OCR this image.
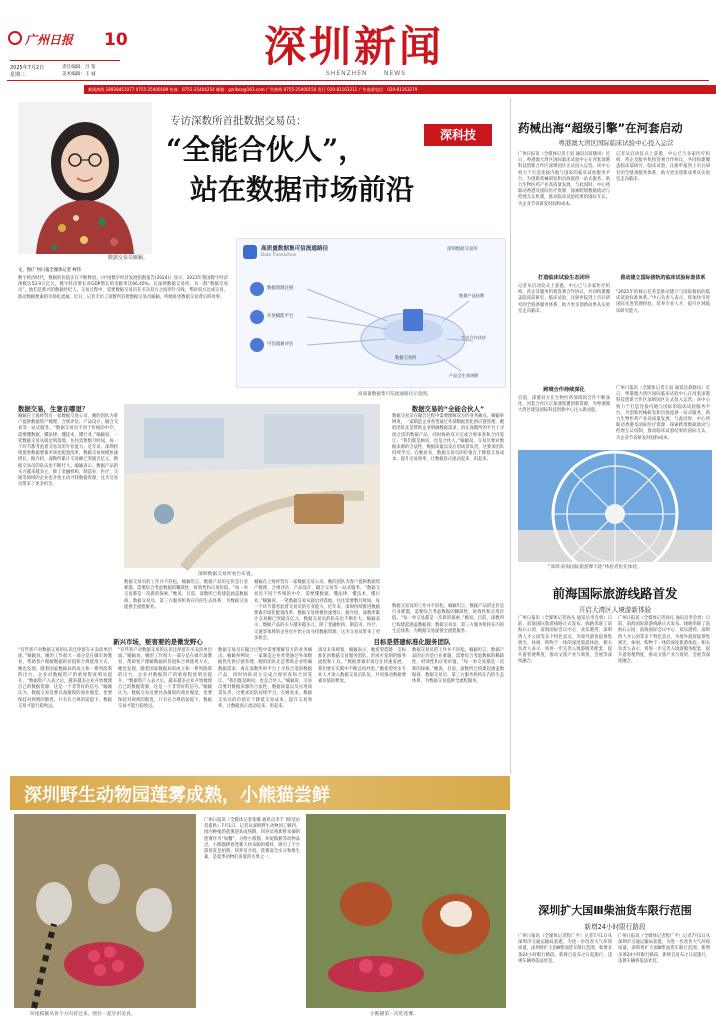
广州日报 10
2025年7月2日
星期三
责任编辑：吕 鉴
美术编辑：王 诚
深圳新闻
SHENZHEN	NEWS
新闻热线 18928451077 0755-25400189 传真：0755-25404254 邮箱：gzribsz@163.com 广告热线 0755-25400150 发行 020-81163211 广告监督电话：020-81163279
数据交易员喻颖。
专访深数所首批数据交易员：
“全能合伙人”，
站在数据市场前沿
深科技
文、图/广州日报全媒体记者 柯伟
数字经济时代，数据的价值正在不断释放。《中国数字经济发展指数报告(2024)》显示，2023年我国数字经济规模达53.9万亿元，数字经济增长对GDP增长的贡献率达66.45%。在深圳数据交易所，有一群“数据交易员”，他们是新兴的数据经纪人。交易过程中，需要数据交易员在买卖双方之间穿针引线，帮助双方达成交易，推动数据要素的市场化流通。近日，记者专访了深数所首批数据交易员喻颖，听她讲述数据交易背后的故事。
高质量数据集可信流通路径
Data Transaction
深圳数据交易所
数据交易所
数据资源注册
开放赋能平台
可信流通评估
数据产品挂牌
生态合作伙伴
产品全生命周期
高质量数据集可信流通路径示意图。
数据交易，生意在哪里？
喻颖在上海经营有一家数据交易公司，她的团队为客户提供数据资产梳理、合规评估、产品设计、撮合交易等一站式服务。“数据交易员不同于传统的中介，需要懂数据、懂法律、懂技术、懂行业。”喻颖说，一笔数据交易从接洽到落地，往往需要数月时间，每一个环节都考验着交易员的专业能力。近年来，深圳持续推进数据要素市场化配置改革，数据交易规模快速增长。据介绍，深数所累计交易额已突破百亿元，数据交易员的队伍也不断壮大。喻颖表示，数据产品的买方越来越多元，除了金融机构，制造业、医疗、交通等领域的企业也开始主动寻找数据资源，这为交易员带来了更多机会。
深圳数据交易所看台布置。
数据交易员的工作并不轻松。喻颖坦言，数据产品的定价是行业难题，需要综合考虑数据的稀缺性、时效性和应用价值。“每一单交易都是一次新的探索。”她说。目前，深数所已构建起涵盖数据商、数据交易员、第三方服务机构在内的生态体系，为数据交易提供全流程服务。
喻颖在上海经营有一家数据交易公司，她的团队为客户提供数据资产梳理、合规评估、产品设计、撮合交易等一站式服务。“数据交易员不同于传统的中介，需要懂数据、懂法律、懂技术、懂行业。”喻颖说，一笔数据交易从接洽到落地，往往需要数月时间，每一个环节都考验着交易员的专业能力。近年来，深圳持续推进数据要素市场化配置改革，数据交易规模快速增长。据介绍，深数所累计交易额已突破百亿元，数据交易员的队伍也不断壮大。喻颖表示，数据产品的买方越来越多元，除了金融机构，制造业、医疗、交通等领域的企业也开始主动寻找数据资源，这为交易员带来了更多机会。
数据交易的“全能合伙人”
数据交易员在撮合过程中需要理解双方的业务痛点。喻颖举例说，一家制造企业希望通过外部数据优化供应链管理，她的团队先是帮助企业明确数据需求，再在深数所的平台上寻找合适的数据产品，同时协助双方完成合规审查和合同签订。“我们既是顾问，也是合伙人。”喻颖说，交易员要对数据来源的合法性、数据质量以及应用场景负责，这要求团队持续学习。在她看来，数据交易员的价值在于降低交易成本、提升交易效率，让数据真正流动起来、用起来。
数据交易员的工作并不轻松。喻颖坦言，数据产品的定价是行业难题，需要综合考虑数据的稀缺性、时效性和应用价值。“每一单交易都是一次新的探索。”她说。目前，深数所已构建起涵盖数据商、数据交易员、第三方服务机构在内的生态体系，为数据交易提供全流程服务。
新兴市场，赃害要的是微发野心
“有些客户对数据交易的认识还停留在买卖清单层面。”喻颖说，她的工作很大一部分是在做市场教育，帮助客户理解数据的价值和合规使用方式。她也发现，随着国家数据局的成立和一系列政策的出台，企业对数据资产的重视程度明显提升。“数据资产入表之后，越来越多企业开始梳理自己的数据资源，这是一个非常好的信号。”喻颖认为，数据交易员要具备敏锐的商业嗅觉，也要保持对规则的敬畏。只有在合规的前提下，数据交易才能行稳致远。
“有些客户对数据交易的认识还停留在买卖清单层面。”喻颖说，她的工作很大一部分是在做市场教育，帮助客户理解数据的价值和合规使用方式。她也发现，随着国家数据局的成立和一系列政策的出台，企业对数据资产的重视程度明显提升。“数据资产入表之后，越来越多企业开始梳理自己的数据资源，这是一个非常好的信号。”喻颖认为，数据交易员要具备敏锐的商业嗅觉，也要保持对规则的敬畏。只有在合规的前提下，数据交易才能行稳致远。
数据交易员在撮合过程中需要理解双方的业务痛点。喻颖举例说，一家制造企业希望通过外部数据优化供应链管理，她的团队先是帮助企业明确数据需求，再在深数所的平台上寻找合适的数据产品，同时协助双方完成合规审查和合同签订。“我们既是顾问，也是合伙人。”喻颖说，交易员要对数据来源的合法性、数据质量以及应用场景负责，这要求团队持续学习。在她看来，数据交易员的价值在于降低交易成本、提升交易效率，让数据真正流动起来、用起来。
目标是搭建标准化服务团队
谈及未来规划，喻颖表示，她希望搭建一支标准化的数据交易服务团队，形成可复制的服务流程和工具。“数据要素市场还在快速发展，我们要在实践中不断总结经验。”她希望更多专业人才加入数据交易员队伍，共同推动数据要素价值的释放。
数据交易员的工作并不轻松。喻颖坦言，数据产品的定价是行业难题，需要综合考虑数据的稀缺性、时效性和应用价值。“每一单交易都是一次新的探索。”她说。目前，深数所已构建起涵盖数据商、数据交易员、第三方服务机构在内的生态体系，为数据交易提供全流程服务。
药械出海“超级引擎”在河套启动
粤港澳大湾区国际临床试验中心投入运营
广州日报讯（全媒体记者王羽 通讯员蒋晓岚）近日，粤港澳大湾区国际临床试验中心在河套深港科技创新合作区深圳园区正式投入运营。该中心致力于打造连接内地与国际的临床试验服务平台，为创新药械研发和出海提供一站式服务，助力生物医药产业高质量发展。与此同时，中心将联动香港及国际医疗资源，探索跨境数据流动与伦理互认机制，推动临床试验结果的国际互认，为企业节省研发时间和成本。
记者从启动仪式上获悉，中心已与多家医疗机构、药企及服务机构签署合作协议，共同构建覆盖临床前研究、临床试验、注册申报到上市后研究的全链条服务体系，助力更多创新成果从实验室走向临床。
打造临床试验生态闭环
记者从启动仪式上获悉，中心已与多家医疗机构、药企及服务机构签署合作协议，共同构建覆盖临床前研究、临床试验、注册申报到上市后研究的全链条服务体系，助力更多创新成果从实验室走向临床。
推动建立国际接轨的临床试验标准体系
“2025年的核心任务是推动建立与国际接轨的临床试验标准体系。”中心负责人表示，将加快引进国际先进管理经验，培养专业人才，提升区域临床研究能力。
跨境合作持续深化
目前，深港双方在生物医药领域的合作不断深化，河套合作区正加速集聚创新资源，为粤港澳大湾区建设国际科技创新中心注入新动能。
广州日报讯（全媒体记者王羽 通讯员蒋晓岚）近日，粤港澳大湾区国际临床试验中心在河套深港科技创新合作区深圳园区正式投入运营。该中心致力于打造连接内地与国际的临床试验服务平台，为创新药械研发和出海提供一站式服务，助力生物医药产业高质量发展。与此同时，中心将联动香港及国际医疗资源，探索跨境数据流动与伦理互认机制，推动临床试验结果的国际互认，为企业节省研发时间和成本。
“深圳·前海国际旅游摩天轮”体验者抢先体验。
前海国际旅游线路首发
开启大湾区人境游新体验
广州日报讯（全媒体记者孙凡 通讯员李会勇）日前，前海国际旅游线路正式发布。线路串联了前海石公园、前海国际会议中心、欢乐港湾、深圳湾人才公园等多个特色景点，为境外游客提供集观光、休闲、购物于一体的深度旅游体验。相关负责人表示，将进一步完善入境游服务配套，提升游客便利度，推动文旅产业与商贸、会展等深度融合。
广州日报讯（全媒体记者孙凡 通讯员李会勇）日前，前海国际旅游线路正式发布。线路串联了前海石公园、前海国际会议中心、欢乐港湾、深圳湾人才公园等多个特色景点，为境外游客提供集观光、休闲、购物于一体的深度旅游体验。相关负责人表示，将进一步完善入境游服务配套，提升游客便利度，推动文旅产业与商贸、会展等深度融合。
深圳扩大国Ⅲ柴油货车限行范围
新增24小时限行路段
广州日报讯（全媒体记者程广平）记者7月1日从深圳市交通运输局获悉，为进一步改善大气环境质量，深圳将扩大国Ⅲ柴油货车限行范围，新增多条24小时限行路段。新规自发布之日起施行，违规车辆将依法处罚。
广州日报讯（全媒体记者程广平）记者7月1日从深圳市交通运输局获悉，为进一步改善大气环境质量，深圳将扩大国Ⅲ柴油货车限行范围，新增多条24小时限行路段。新规自发布之日起施行，违规车辆将依法处罚。
深圳野生动物园莲雾成熟，小熊猫尝鲜
环尾狐猴从各个方向冒过来，围住一起享用美食。
广州日报讯（全媒体记者张娜 通讯员李丰 图/受访者提供）7月1日，记者从深圳野生动物园了解到，园内种植的莲雾迎来成熟期，饲养员将新鲜采摘的莲雾作为“加餐”，分给小熊猫、环尾狐猴等动物品尝。小熊猫捧着莲雾大快朵颐的模样，吸引了不少游客驻足拍照。饲养员介绍，莲雾富含水分和维生素，是夏季动物们喜爱的水果之一。
小熊猫第一次吃莲雾。
